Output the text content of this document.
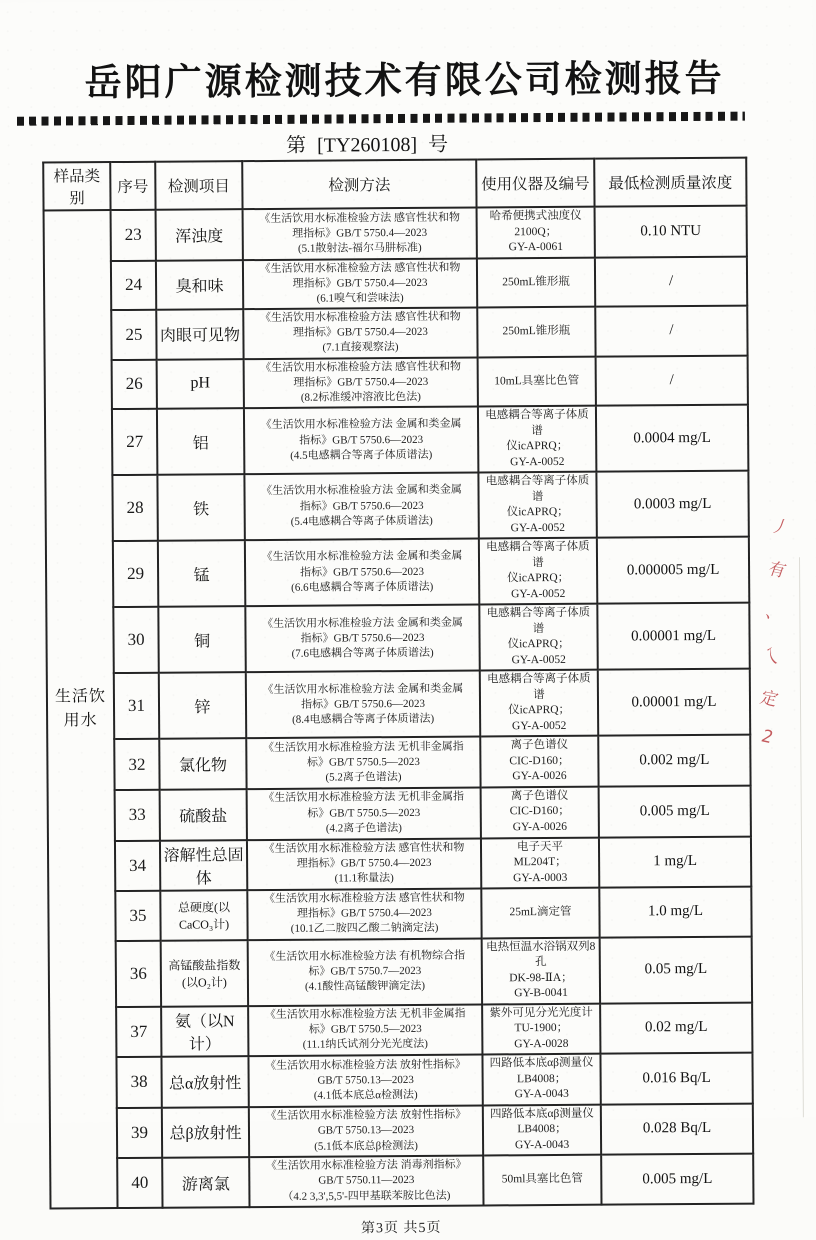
岳阳广源检测技术有限公司检测报告
第 [TY260108] 号
样品类别	序号	检测项目	检测方法	使用仪器及编号	最低检测质量浓度
生活饮用水	23	浑浊度	《生活饮用水标准检验方法 感官性状和物
理指标》GB/T 5750.4—2023
(5.1散射法-福尔马肼标准)	哈希便携式浊度仪
2100Q；
GY-A-0061	0.10 NTU
	24	臭和味	《生活饮用水标准检验方法 感官性状和物
理指标》GB/T 5750.4—2023
(6.1嗅气和尝味法)	250mL锥形瓶	/
	25	肉眼可见物	《生活饮用水标准检验方法 感官性状和物
理指标》GB/T 5750.4—2023
(7.1直接观察法)	250mL锥形瓶	/
	26	pH	《生活饮用水标准检验方法 感官性状和物
理指标》GB/T 5750.4—2023
(8.2标准缓冲溶液比色法)	10mL具塞比色管	/
	27	铝	《生活饮用水标准检验方法 金属和类金属
指标》GB/T 5750.6—2023
(4.5电感耦合等离子体质谱法)	电感耦合等离子体质谱
仪icAPRQ；
GY-A-0052	0.0004 mg/L
	28	铁	《生活饮用水标准检验方法 金属和类金属
指标》GB/T 5750.6—2023
(5.4电感耦合等离子体质谱法)	电感耦合等离子体质谱
仪icAPRQ；
GY-A-0052	0.0003 mg/L
	29	锰	《生活饮用水标准检验方法 金属和类金属
指标》GB/T 5750.6—2023
(6.6电感耦合等离子体质谱法)	电感耦合等离子体质谱
仪icAPRQ；
GY-A-0052	0.000005 mg/L
	30	铜	《生活饮用水标准检验方法 金属和类金属
指标》GB/T 5750.6—2023
(7.6电感耦合等离子体质谱法)	电感耦合等离子体质谱
仪icAPRQ；
GY-A-0052	0.00001 mg/L
	31	锌	《生活饮用水标准检验方法 金属和类金属
指标》GB/T 5750.6—2023
(8.4电感耦合等离子体质谱法)	电感耦合等离子体质谱
仪icAPRQ；
GY-A-0052	0.00001 mg/L
	32	氯化物	《生活饮用水标准检验方法 无机非金属指
标》GB/T 5750.5—2023
(5.2离子色谱法)	离子色谱仪
CIC-D160；
GY-A-0026	0.002 mg/L
	33	硫酸盐	《生活饮用水标准检验方法 无机非金属指
标》GB/T 5750.5—2023
(4.2离子色谱法)	离子色谱仪
CIC-D160；
GY-A-0026	0.005 mg/L
	34	溶解性总固体	《生活饮用水标准检验方法 感官性状和物
理指标》GB/T 5750.4—2023
(11.1称量法)	电子天平
ML204T；
GY-A-0003	1 mg/L
	35	总硬度(以CaCO₃计)	《生活饮用水标准检验方法 感官性状和物
理指标》GB/T 5750.4—2023
(10.1乙二胺四乙酸二钠滴定法)	25mL滴定管	1.0 mg/L
	36	高锰酸盐指数(以O₂计)	《生活饮用水标准检验方法 有机物综合指
标》GB/T 5750.7—2023
(4.1酸性高锰酸钾滴定法)	电热恒温水浴锅双列8孔
DK-98-ⅡA；
GY-B-0041	0.05 mg/L
	37	氨（以N计）	《生活饮用水标准检验方法 无机非金属指
标》GB/T 5750.5—2023
(11.1纳氏试剂分光光度法)	紫外可见分光光度计
TU-1900；
GY-A-0028	0.02 mg/L
	38	总α放射性	《生活饮用水标准检验方法 放射性指标》
GB/T 5750.13—2023
(4.1低本底总α检测法)	四路低本底αβ测量仪
LB4008；
GY-A-0043	0.016 Bq/L
	39	总β放射性	《生活饮用水标准检验方法 放射性指标》
GB/T 5750.13—2023
(5.1低本底总β检测法)	四路低本底αβ测量仪
LB4008；
GY-A-0043	0.028 Bq/L
	40	游离氯	《生活饮用水标准检验方法 消毒剂指标》
GB/T 5750.11—2023
（4.2 3,3',5,5'-四甲基联苯胺比色法)	50ml具塞比色管	0.005 mg/L
第3页 共5页
丿
有
、
乀
定
2
